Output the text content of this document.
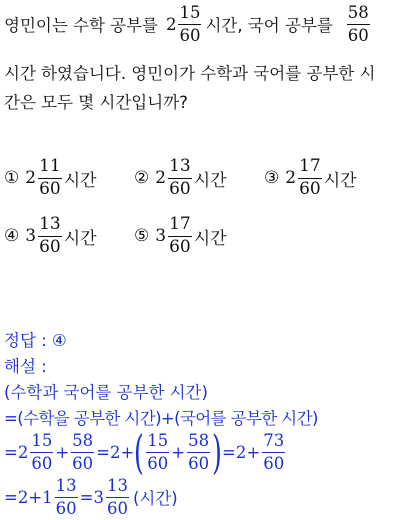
영민이는 수학 공부를 $2 \frac{15}{60}$ 시간, 국어 공부를 $\frac{58}{60}$
시간 하였습니다. 영민이가 수학과 국어를 공부한 시
간은 모두 몇 시간입니까?
① $2 \frac{11}{60}$ 시간 ② $2 \frac{13}{60}$ 시간 ③ $2 \frac{17}{60}$ 시간
④ $3 \frac{13}{60}$ 시간 ⑤ $3 \frac{17}{60}$ 시간
정답 : ④
해설 :
(수학과 국어를 공부한 시간)
=(수학을 공부한 시간)+(국어를 공부한 시간)
= $2 \frac{15}{60} + \frac{58}{60} = 2$ + ( $\frac{15}{60} + \frac{58}{60}$ ) = $2 + \frac{73}{60}$
= $2 + 1 \frac{13}{60} = 3 \frac{13}{60}$ (시간)
